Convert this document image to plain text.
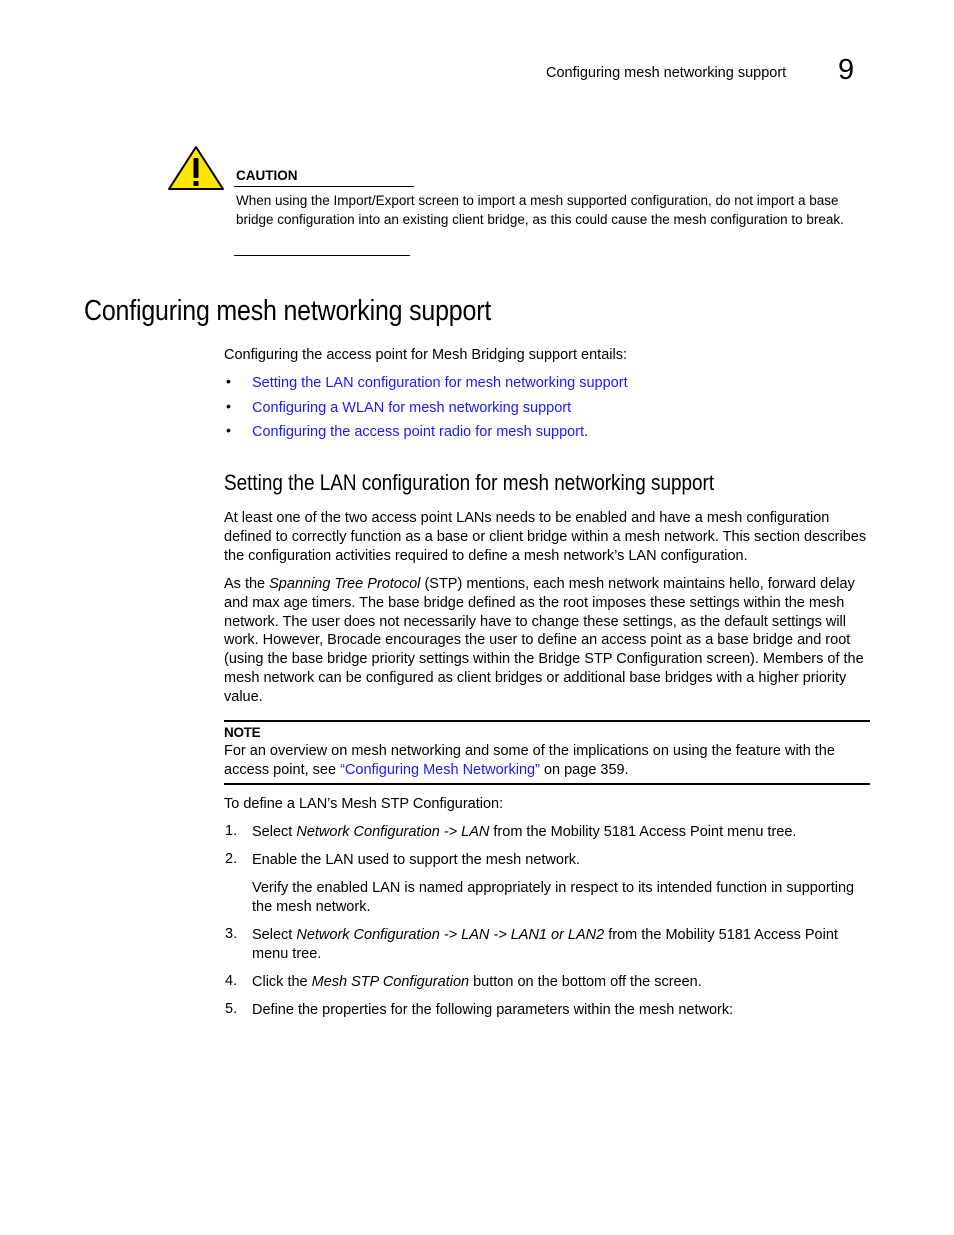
Configuring mesh networking support 9
CAUTION
When using the Import/Export screen to import a mesh supported configuration, do not import a base bridge configuration into an existing client bridge, as this could cause the mesh configuration to break.
Configuring mesh networking support
Configuring the access point for Mesh Bridging support entails:
• Setting the LAN configuration for mesh networking support
• Configuring a WLAN for mesh networking support
• Configuring the access point radio for mesh support.
Setting the LAN configuration for mesh networking support
At least one of the two access point LANs needs to be enabled and have a mesh configuration defined to correctly function as a base or client bridge within a mesh network. This section describes the configuration activities required to define a mesh network’s LAN configuration.
As the Spanning Tree Protocol (STP) mentions, each mesh network maintains hello, forward delay and max age timers. The base bridge defined as the root imposes these settings within the mesh network. The user does not necessarily have to change these settings, as the default settings will work. However, Brocade encourages the user to define an access point as a base bridge and root (using the base bridge priority settings within the Bridge STP Configuration screen). Members of the mesh network can be configured as client bridges or additional base bridges with a higher priority value.
NOTE
For an overview on mesh networking and some of the implications on using the feature with the access point, see “Configuring Mesh Networking” on page 359.
To define a LAN’s Mesh STP Configuration:
1. Select Network Configuration -> LAN from the Mobility 5181 Access Point menu tree.
2. Enable the LAN used to support the mesh network.
Verify the enabled LAN is named appropriately in respect to its intended function in supporting the mesh network.
3. Select Network Configuration -> LAN -> LAN1 or LAN2 from the Mobility 5181 Access Point menu tree.
4. Click the Mesh STP Configuration button on the bottom off the screen.
5. Define the properties for the following parameters within the mesh network:
